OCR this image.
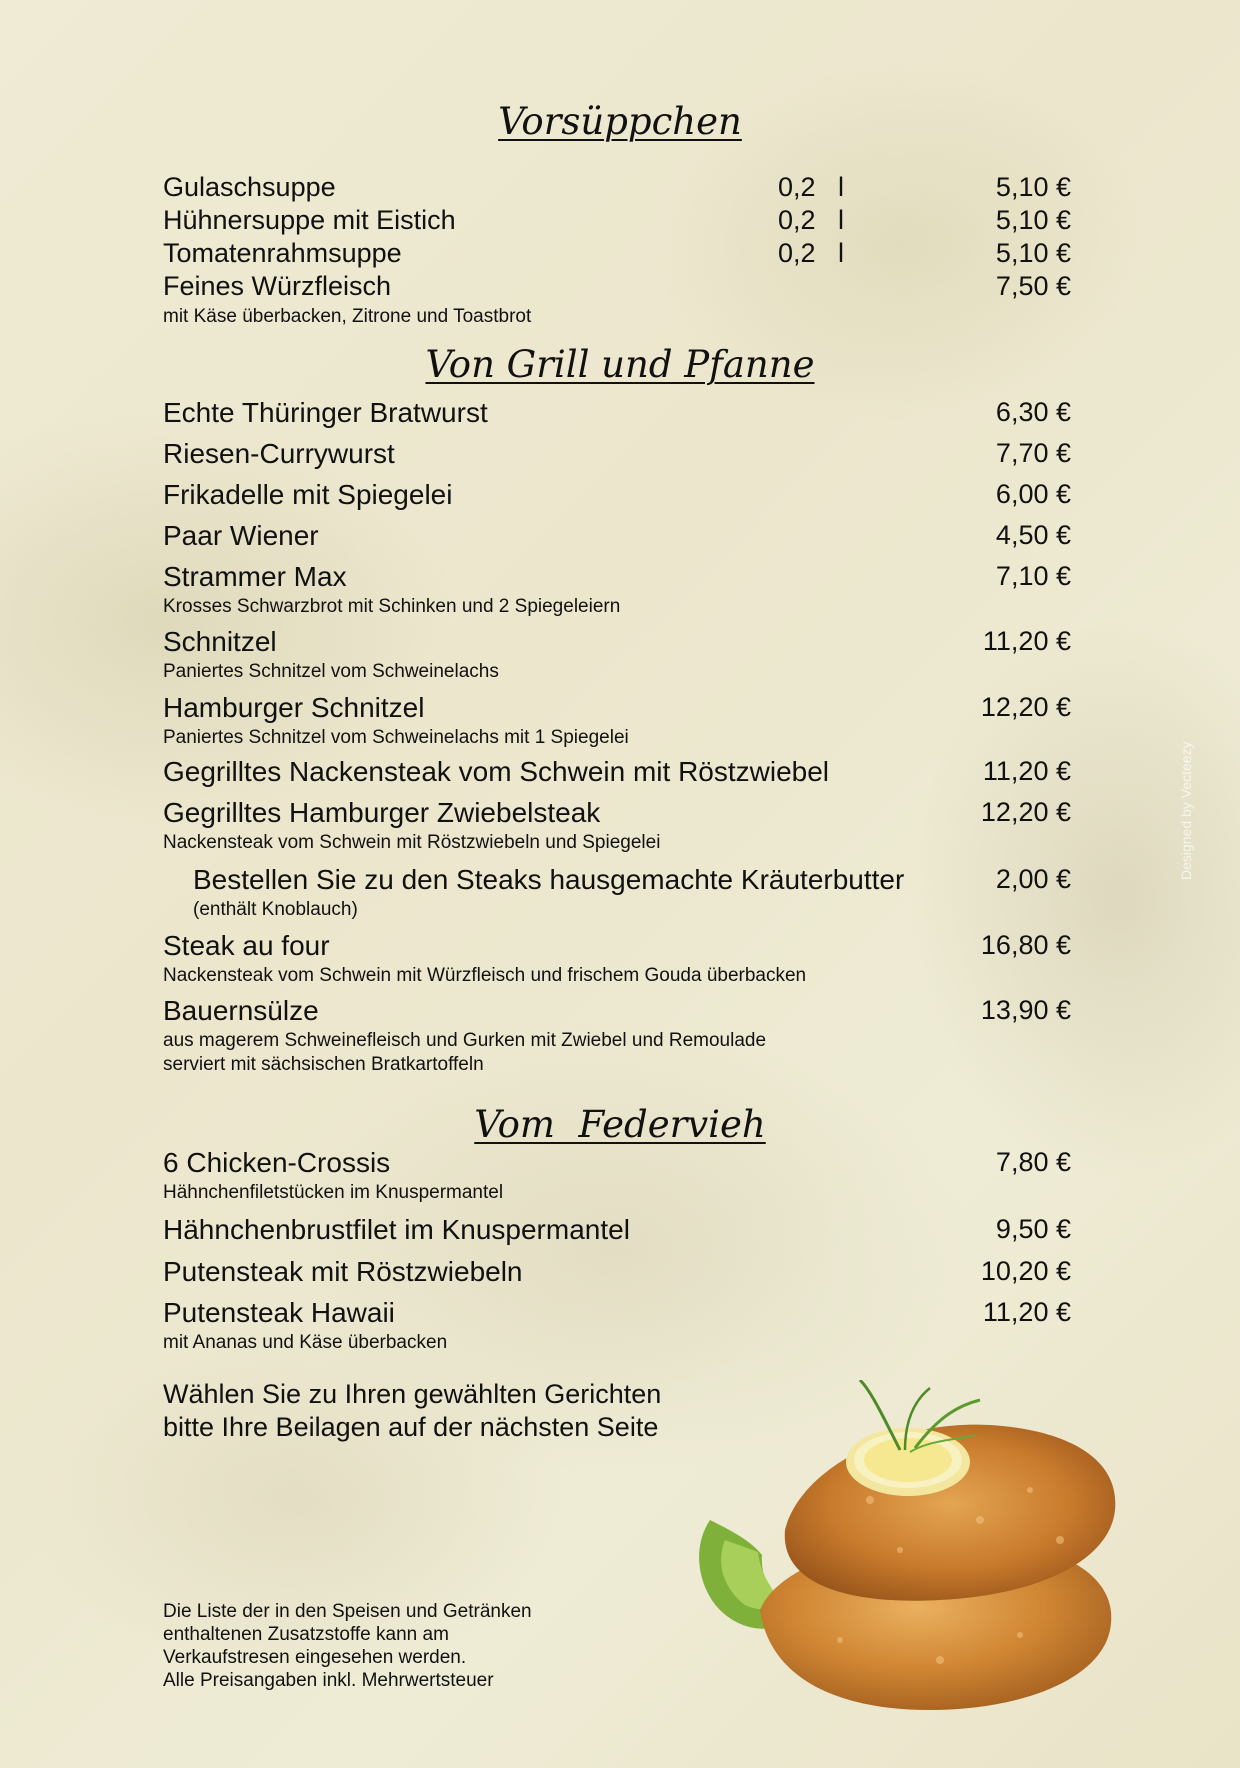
Vorsüppchen
Gulaschsuppe	0,2   l	5,10 €
Hühnersuppe mit Eistich	0,2   l	5,10 €
Tomatenrahmsuppe	0,2   l	5,10 €
Feines Würzfleisch	7,50 €
mit Käse überbacken, Zitrone und Toastbrot
Von Grill und Pfanne
Echte Thüringer Bratwurst	6,30 €
Riesen-Currywurst	7,70 €
Frikadelle mit Spiegelei	6,00 €
Paar Wiener	4,50 €
Strammer Max	7,10 €
Krosses Schwarzbrot mit Schinken und 2 Spiegeleiern
Schnitzel	11,20 €
Paniertes Schnitzel vom Schweinelachs
Hamburger Schnitzel	12,20 €
Paniertes Schnitzel vom Schweinelachs mit 1 Spiegelei
Gegrilltes Nackensteak vom Schwein mit Röstzwiebel	11,20 €
Gegrilltes Hamburger Zwiebelsteak	12,20 €
Nackensteak vom Schwein mit Röstzwiebeln und Spiegelei
Bestellen Sie zu den Steaks hausgemachte Kräuterbutter	2,00 €
(enthält Knoblauch)
Steak au four	16,80 €
Nackensteak vom Schwein mit Würzfleisch und frischem Gouda überbacken
Bauernsülze	13,90 €
aus magerem Schweinefleisch und Gurken mit Zwiebel und Remoulade
serviert mit sächsischen Bratkartoffeln
Vom  Federvieh
6 Chicken-Crossis	7,80 €
Hähnchenfiletstücken im Knuspermantel
Hähnchenbrustfilet im Knuspermantel	9,50 €
Putensteak mit Röstzwiebeln	10,20 €
Putensteak Hawaii	11,20 €
mit Ananas und Käse überbacken
Wählen Sie zu Ihren gewählten Gerichten
bitte Ihre Beilagen auf der nächsten Seite
Die Liste der in den Speisen und Getränken
enthaltenen Zusatzstoffe kann am
Verkaufstresen eingesehen werden.
Alle Preisangaben inkl. Mehrwertsteuer
Designed by Vecteezy
